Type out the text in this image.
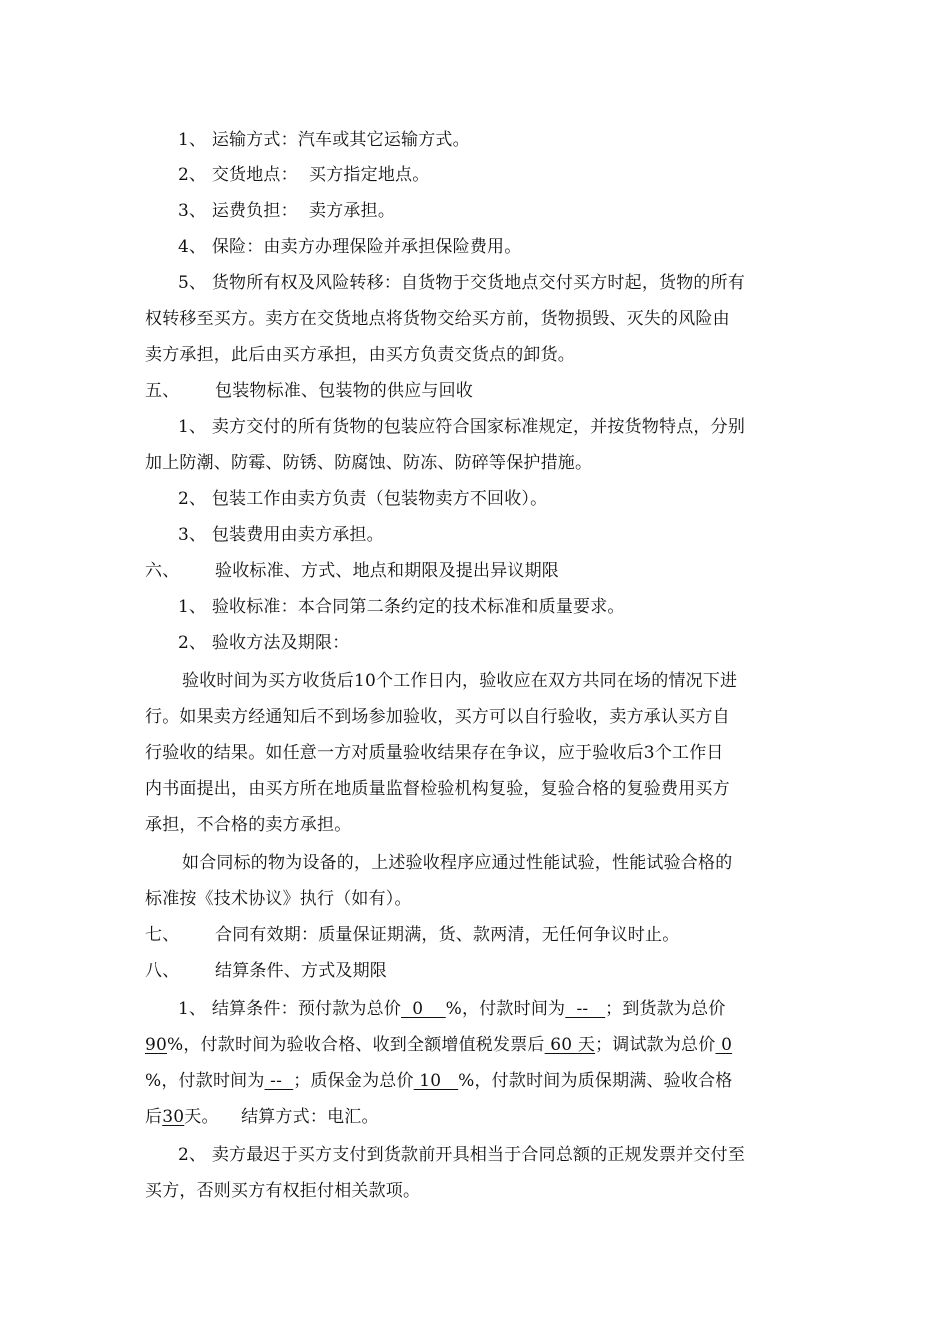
1、 运输方式：汽车或其它运输方式。
2、 交货地点：  买方指定地点。
3、 运费负担：  卖方承担。
4、 保险：由卖方办理保险并承担保险费用。
5、 货物所有权及风险转移：自货物于交货地点交付买方时起，货物的所有
权转移至买方。卖方在交货地点将货物交给买方前，货物损毁、灭失的风险由
卖方承担，此后由买方承担，由买方负责交货点的卸货。
五、 包装物标准、包装物的供应与回收
1、 卖方交付的所有货物的包装应符合国家标准规定，并按货物特点，分别
加上防潮、防霉、防锈、防腐蚀、防冻、防碎等保护措施。
2、 包装工作由卖方负责（包装物卖方不回收）。
3、 包装费用由卖方承担。
六、 验收标准、方式、地点和期限及提出异议期限
1、 验收标准：本合同第二条约定的技术标准和质量要求。
2、 验收方法及期限：
验收时间为买方收货后10个工作日内，验收应在双方共同在场的情况下进
行。如果卖方经通知后不到场参加验收，买方可以自行验收，卖方承认买方自
行验收的结果。如任意一方对质量验收结果存在争议，应于验收后3个工作日
内书面提出，由买方所在地质量监督检验机构复验，复验合格的复验费用买方
承担，不合格的卖方承担。
如合同标的物为设备的，上述验收程序应通过性能试验，性能试验合格的
标准按《技术协议》执行（如有）。
七、 合同有效期：质量保证期满，货、款两清，无任何争议时止。
八、 结算条件、方式及期限
1、 结算条件：预付款为总价  0    %，付款时间为  --   ；到货款为总价
90%，付款时间为验收合格、收到全额增值税发票后 60 天；调试款为总价 0
%，付款时间为 --  ；质保金为总价 10   %，付款时间为质保期满、验收合格
后30天。    结算方式：电汇。
2、 卖方最迟于买方支付到货款前开具相当于合同总额的正规发票并交付至
买方，否则买方有权拒付相关款项。
